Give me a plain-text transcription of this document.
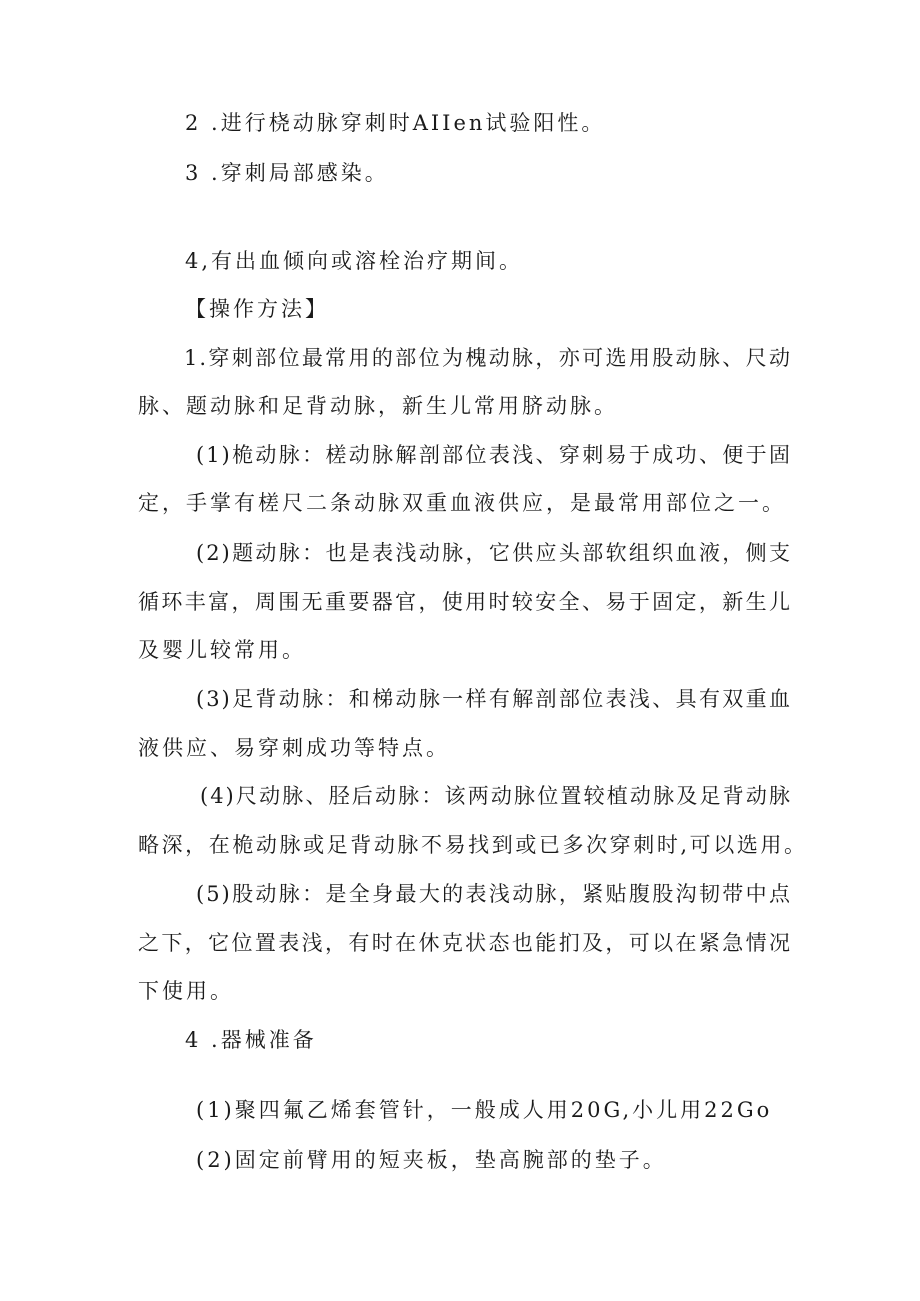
2 .进行桡动脉穿刺时AIIen试验阳性。
3 .穿刺局部感染。
4,有出血倾向或溶栓治疗期间。
【操作方法】
1.穿刺部位最常用的部位为槐动脉，亦可选用股动脉、尺动
脉、题动脉和足背动脉，新生儿常用脐动脉。
(1)桅动脉：槎动脉解剖部位表浅、穿刺易于成功、便于固
定，手掌有槎尺二条动脉双重血液供应，是最常用部位之一。
(2)题动脉：也是表浅动脉，它供应头部软组织血液，侧支
循环丰富，周围无重要器官，使用时较安全、易于固定，新生儿
及婴儿较常用。
(3)足背动脉：和梯动脉一样有解剖部位表浅、具有双重血
液供应、易穿刺成功等特点。
(4)尺动脉、胫后动脉：该两动脉位置较植动脉及足背动脉
略深，在桅动脉或足背动脉不易找到或已多次穿刺时,可以选用。
(5)股动脉：是全身最大的表浅动脉，紧贴腹股沟韧带中点
之下，它位置表浅，有时在休克状态也能扪及，可以在紧急情况
下使用。
4 .器械准备
(1)聚四氟乙烯套管针，一般成人用20G,小儿用22Go
(2)固定前臂用的短夹板，垫高腕部的垫子。
